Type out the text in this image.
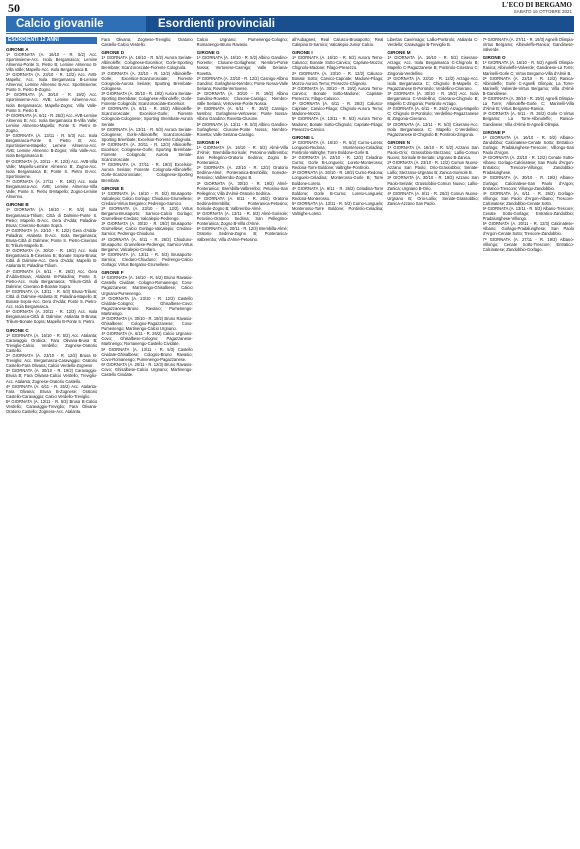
50	L'ECO DI BERGAMO
SABATO 16 OTTOBRE 2021
Calcio giovanile	Esordienti provinciali
ESORDIENTI 12 ANNI
GIRONE A
1ª GIORNATA (A. 16/10 - R. 5/2) Acc. Sportinsieme-Acc. Isola Bergamasca; Lemine Almenno-Ponte S. Pietro B; Lemine Almenno B-Villa Valle; Mapello-Acc. Isola Bergamasca B.
2ª GIORNATA (A. 23/10 - R. 12/2) Acc. AVB-Mapello; Acc. Isola Bergamasca B-Lemine Almenno; Lemine Almenno B-Acc. Sportinsieme; Ponte S. Pietro B-Zogno.
3ª GIORNATA (A. 30/10 - R. 19/2) Acc. Sportinsieme-Acc. AVB; Lemine Almenno-Acc. Isola Bergamasca; Mapello-Zogno; Villa Valle-Ponte S. Pietro B.
4ª GIORNATA (A. 6/11 - R. 26/2) Acc. AVB-Lemine Almenno B; Acc. Isola Bergamasca B-Villa Valle; Lemine Almenno-Mapello; Ponte S. Pietro B-Zogno.
5ª GIORNATA (A. 13/11 - R. 5/3) Acc. Isola Bergamasca-Ponte S. Pietro B; Acc. Sportinsieme-Mapello; Lemine Almenno-Acc. AVB; Lemine Almenno B-Zogno; Villa Valle-Acc. Isola Bergamasca B.
6ª GIORNATA (A. 20/11 - R. 12/3) Acc. AVB-Villa Valle; Mapello-Lemine Almenno B; Zogno-Acc. Isola Bergamasca B; Ponte S. Pietro B-Acc. Sportinsieme.
7ª GIORNATA (A. 27/11 - R. 19/3) Acc. Isola Bergamasca-Acc. AVB; Lemine Almenno-Villa Valle; Ponte S. Pietro B-Mapello; Zogno-Lemine Almenno.
GIRONE B
1ª GIORNATA (A. 16/10 - R. 5/2) Isola Bergamasca-Trilium; Città di Dalmine-Ponte S. Pietro; Mapello B-Acc. Gera d'Adda; Paladina-Brusa; Ciserano-Bonate Sopra.
2ª GIORNATA (A. 23/10 - R. 12/2) Gera d'Adda-Paladina; Atalanta B-Acc. Isola Bergamasca; Brusa-Città di Dalmine; Ponte S. Pietro-Ciserano B; Trilium-Mapello B.
3ª GIORNATA (A. 30/10 - R. 19/2) Acc. Isola Bergamasca B-Ciserano B; Bonate Sopra-Brusa; Città di Dalmine-Acc. Gera d'Adda; Mapello B-Atalanta B; Paladina-Trilium.
4ª GIORNATA (A. 6/11 - R. 26/2) Acc. Gera d'Adda-Brusa; Atalanta B-Paladina; Ponte S. Pietro-Acc. Isola Bergamasca; Trilium-Città di Dalmine; Ciserano B-Bonate Sopra.
5ª GIORNATA (A. 13/11 - R. 5/3) Brusa-Trilium; Città di Dalmine-Atalanta B; Paladina-Mapello B; Bonate Sopra-Acc. Gera d'Adda; Ponte S. Pietro-Acc. Isola Bergamasca.
6ª GIORNATA (A. 20/11 - R. 12/3) Acc. Isola Bergamasca-Città di Dalmine; Atalanta B-Brusa; Trilium-Bonate Sopra; Mapello B-Ponte S. Pietro.
GIRONE C
1ª GIORNATA (A. 16/10 - R. 5/2) Acc. Atalanta; Caravaggio Orobica; Fara Olivana-Brusa B; Treviglio-Calcio Verdello; Zognese-Oratorio Castello.
2ª GIORNATA (A. 23/10 - R. 12/2) Brusa B-Treviglio; Acc. Bergamasca-Caravaggio; Oratorio Castello-Fara Olivana; Calcio Verdello-Zognese.
3ª GIORNATA (A. 30/10 - R. 19/2) Caravaggio-Brusa B; Fara Olivana-Calcio Verdello; Treviglio-Acc. Atalanta; Zognese-Oratorio Castello.
4ª GIORNATA (A. 6/11 - R. 26/2) Acc. Atalanta-Fara Olivana; Brusa B-Zognese; Oratorio Castello-Caravaggio; Calcio Verdello-Treviglio.
5ª GIORNATA (A. 13/11 - R. 5/3) Brusa B-Calcio Verdello; Caravaggio-Treviglio; Fara Olivana-Oratorio Castello; Zognese-Acc. Atalanta.
Fara Olivana; Zognese-Treviglio; Oratorio Castello-Calcio Verdello.
GIRONE D
1ª GIORNATA (A. 16/10 - R. 5/2) Aurora Seriate-Albinoleffe; Colognese-Excelsior; Gorle-Sporting Brembate; Scanzorosciate-Fiorente Colognola.
2ª GIORNATA (A. 23/10 - R. 12/2) Albinoleffe-Gorle; Excelsior-Scanzorosciate; Fiorente Colognola-Aurora Seriate; Sporting Brembate-Colognese.
3ª GIORNATA (A. 30/10 - R. 19/2) Aurora Seriate-Sporting Brembate; Colognese-Albinoleffe; Gorle-Fiorente Colognola; Scanzorosciate-Excelsior.
4ª GIORNATA (A. 6/11 - R. 26/2) Albinoleffe-Scanzorosciate; Excelsior-Gorle; Fiorente Colognola-Colognese; Sporting Brembate-Aurora Seriate.
5ª GIORNATA (A. 13/11 - R. 5/3) Aurora Seriate-Colognese; Gorle-Albinoleffe; Scanzorosciate-Sporting Brembate; Excelsior-Fiorente Colognola.
6ª GIORNATA (A. 20/11 - R. 12/3) Albinoleffe-Excelsior; Colognese-Gorle; Sporting Brembate-Fiorente Colognola; Aurora Seriate-Scanzorosciate.
7ª GIORNATA (A. 27/11 - R. 19/3) Excelsior-Aurora Seriate; Fiorente Colognola-Albinoleffe; Gorle-Scanzorosciate; Colognese-Sporting Brembate.
GIRONE E
1ª GIORNATA (A. 16/10 - R. 5/2) Brusaporto-Valcalepio; Calcio Gorlago; Chiuduno-Grumellese; Credaro-Virtus Bergamo; Pedrengo-Sarnico.
2ª GIORNATA (A. 23/10 - R. 12/2) Virtus Bergamo-Brusaporto; Sarnico-Calcio Gorlago; Grumellese-Credaro; Valcalepio-Pedrengo.
3ª GIORNATA (A. 30/10 - R. 19/2) Brusaporto-Grumellese; Calcio Gorlago-Valcalepio; Credaro-Sarnico; Pedrengo-Chiuduno.
4ª GIORNATA (A. 6/11 - R. 26/2) Chiuduno-Brusaporto; Grumellese-Pedrengo; Sarnico-Virtus Bergamo; Valcalepio-Credaro.
5ª GIORNATA (A. 13/11 - R. 5/3) Brusaporto-Sarnico; Credaro-Chiuduno; Pedrengo-Calcio Gorlago; Virtus Bergamo-Grumellese.
GIRONE F
1ª GIORNATA (A. 16/10 - R. 5/2) Bruno Ravasio-Castello Cividate; Cologno-Romanengo; Covo-Pagazzanese; Martinengo-Ghisalbese; Calcio Urgnano-Pumenengo.
2ª GIORNATA (A. 23/10 - R. 12/2) Castello Cividate-Cologno; Ghisalbese-Covo; Pagazzanese-Bruno Ravasio; Pumenengo-Martinengo.
3ª GIORNATA (A. 30/10 - R. 19/2) Bruno Ravasio-Ghisalbese; Cologno-Pagazzanese; Covo-Pumenengo; Martinengo-Calcio Urgnano.
4ª GIORNATA (A. 6/11 - R. 26/2) Calcio Urgnano-Covo; Ghisalbese-Cologno; Pagazzanese-Martinengo; Romanengo-Castello Cividate.
5ª GIORNATA (A. 13/11 - R. 5/3) Castello Cividate-Ghisalbese; Cologno-Bruno Ravasio; Covo-Romanengo; Pumenengo-Pagazzanese.
6ª GIORNATA (A. 20/11 - R. 12/3) Bruno Ravasio-Covo; Ghisalbese-Calcio Urgnano; Martinengo-Castello Cividate.
Calcio Urgnano; Pumenengo-Cologno; Romanengo-Bruno Ravasio.
GIRONE G
1ª GIORNATA (A. 16/10 - R. 5/2) Albino Gandino-Fiorente; Clusone-Gorlaghese; Nembro-Ponte Nossa; Vertovese-Casnigo; Valle Seriana-Rovetta.
2ª GIORNATA (A. 23/10 - R. 12/2) Casnigo-Albino Gandino; Gorlaghese-Nembro; Ponte Nossa-Valle Seriana; Rovetta-Vertovese.
3ª GIORNATA (A. 30/10 - R. 19/2) Albino Gandino-Rovetta; Clusone-Casnigo; Nembro-Valle Seriana; Vertovese-Ponte Nossa.
4ª GIORNATA (A. 6/11 - R. 26/2) Casnigo-Nembro; Gorlaghese-Vertovese; Ponte Nossa-Albino Gandino; Rovetta-Clusone.
5ª GIORNATA (A. 13/11 - R. 5/3) Albino Gandino-Gorlaghese; Clusone-Ponte Nossa; Nembro-Rovetta; Valle Seriana-Casnigo.
GIRONE H
1ª GIORNATA (A. 16/10 - R. 5/2) Almè-Villa d'Almè; Brembilla-Sorisole; Petosino-Valbrembo; San Pellegrino-Oratorio Sedrina; Zogno B-Ponteranica.
2ª GIORNATA (A. 23/10 - R. 12/2) Oratorio Sedrina-Almè; Ponteranica-Brembilla; Sorisole-Petosino; Valbrembo-Zogno B.
3ª GIORNATA (A. 30/10 - R. 19/2) Almè-Ponteranica; Brembilla-Valbrembo; Petosino-San Pellegrino; Villa d'Almè-Oratorio Sedrina.
4ª GIORNATA (A. 6/11 - R. 26/2) Oratorio Sedrina-Brembilla; Ponteranica-Petosino; Sorisole-Zogno B; Valbrembo-Almè.
5ª GIORNATA (A. 13/11 - R. 5/3) Almè-Sorisole; Petosino-Oratorio Sedrina; San Pellegrino-Ponteranica; Zogno B-Villa d'Almè.
6ª GIORNATA (A. 20/11 - R. 12/3) Brembilla-Almè; Oratorio Sedrina-Zogno B; Ponteranica-Valbrembo; Villa d'Almè-Petosino.
all'Aubagnes; Real Calusco-Brusaporto; Real Calepina B-Sarnico; Valcalepio-Junior Calcio.
GIRONE I
1ª GIORNATA (A. 16/10 - R. 5/2) Aurora Terno-Calusco; Bonate Sotto-Carvico; Capriate-Mozzo; Chignolo-Madone; Filago-Presezzo.
2ª GIORNATA (A. 23/10 - R. 12/2) Calusco-Bonate Sotto; Carvico-Capriate; Madone-Filago; Mozzo-Aurora Terno; Presezzo-Chignolo.
3ª GIORNATA (A. 30/10 - R. 19/2) Aurora Terno-Carvico; Bonate Sotto-Madone; Capriate-Presezzo; Filago-Calusco.
4ª GIORNATA (A. 6/11 - R. 26/2) Calusco-Capriate; Carvico-Filago; Chignolo-Aurora Terno; Madone-Mozzo.
5ª GIORNATA (A. 13/11 - R. 5/3) Aurora Terno-Madone; Bonate Sotto-Chignolo; Capriate-Filago; Presezzo-Carvico.
GIRONE L
1ª GIORNATA (A. 16/10 - R. 5/2) Curno-Loreto; Longuelo-Redona; Monterosso-Celadina; Pontirolo-Valtrighe; Torre Boldone-Gorle B.
2ª GIORNATA (A. 23/10 - R. 12/2) Celadina-Curno; Gorle B-Longuelo; Loreto-Monterosso; Redona-Torre Boldone; Valtrighe-Pontirolo.
3ª GIORNATA (A. 30/10 - R. 19/2) Curno-Redona; Longuelo-Celadina; Monterosso-Gorle B; Torre Boldone-Loreto.
4ª GIORNATA (A. 6/11 - R. 26/2) Celadina-Torre Boldone; Gorle B-Curno; Loreto-Longuelo; Redona-Monterosso.
5ª GIORNATA (A. 13/11 - R. 5/3) Curno-Longuelo; Monterosso-Torre Boldone; Pontirolo-Celadina; Valtrighe-Loreto.
Libertas Cavernago; Lallio-Pontirolo; Atalanta C-Verdello; Caravaggio B-Treviglio B.
GIRONE M
1ª GIORNATA (A. 16/10 - R. 5/2) Ciserano-Arzago; Acc. Isola Bergamasca C-Chignolo B; Mapello C-Pagazzanese B; Pontirolo-Ciserano C; Zingonia-Verdellino.
2ª GIORNATA (A. 23/10 - R. 12/2) Arzago-Acc. Isola Bergamasca C; Chignolo B-Mapello C; Pagazzanese B-Pontirolo; Verdellino-Ciserano.
3ª GIORNATA (A. 30/10 - R. 19/2) Acc. Isola Bergamasca C-Verdellino; Ciserano-Chignolo B; Mapello C-Zingonia; Pontirolo-Arzago.
4ª GIORNATA (A. 6/11 - R. 26/2) Arzago-Mapello C; Chignolo B-Pontirolo; Verdellino-Pagazzanese B; Zingonia-Ciserano.
5ª GIORNATA (A. 13/11 - R. 5/3) Ciserano-Acc. Isola Bergamasca C; Mapello C-Verdellino; Pagazzanese B-Chignolo B; Pontirolo-Zingonia.
GIRONE N
1ª GIORNATA (A. 16/10 - R. 5/2) Azzano San Paolo-Orio; Grassobbio-Stezzano; Lallio-Comun Nuovo; Sorisole B-Seriate; Urgnano B-Zanica.
2ª GIORNATA (A. 23/10 - R. 12/2) Comun Nuovo-Azzano San Paolo; Orio-Grassobbio; Seriate-Lallio; Stezzano-Urgnano B; Zanica-Sorisole B.
3ª GIORNATA (A. 30/10 - R. 19/2) Azzano San Paolo-Seriate; Grassobbio-Comun Nuovo; Lallio-Zanica; Urgnano B-Orio.
4ª GIORNATA (A. 6/11 - R. 26/2) Comun Nuovo-Urgnano B; Orio-Lallio; Seriate-Grassobbio; Zanica-Azzano San Paolo.
7ª GIORNATA (A. 27/11 - R. 19/3) Agnelli Olimpia-Virtus Bergamo; Albinoleffe-Ranica; Gandinese-Valverde.
GIRONE O
1ª GIORNATA (A. 16/10 - R. 5/2) Agnelli Olimpia-Ranica; Albinoleffe-Valverde; Gandinese-La Torre; Marinelli-Gorle C; Virtus Bergamo-Villa d'Almè B.
2ª GIORNATA (A. 23/10 - R. 12/2) Ranica-Albinoleffe; Gorle C-Agnelli Olimpia; La Torre-Marinelli; Valverde-Virtus Bergamo; Villa d'Almè B-Gandinese.
3ª GIORNATA (A. 30/10 - R. 19/2) Agnelli Olimpia-La Torre; Albinoleffe-Gorle C; Marinelli-Villa d'Almè B; Virtus Bergamo-Ranica.
4ª GIORNATA (A. 6/11 - R. 26/2) Gorle C-Virtus Bergamo; La Torre-Albinoleffe; Ranica-Gandinese; Villa d'Almè B-Agnelli Olimpia.
GIRONE P
1ª GIORNATA (A. 16/10 - R. 5/2) Albano-Zandobbio; Calcinatese-Cenate Sotto; Entratico-Gorlago; Pradalunghese-Trescore; Villongo-San Paolo d'Argon.
2ª GIORNATA (A. 23/10 - R. 12/2) Cenate Sotto-Albano; Gorlago-Calcinatese; San Paolo d'Argon-Entratico; Trescore-Villongo; Zandobbio-Pradalunghese.
3ª GIORNATA (A. 30/10 - R. 19/2) Albano-Gorlago; Calcinatese-San Paolo d'Argon; Entratico-Trescore; Villongo-Zandobbio.
4ª GIORNATA (A. 6/11 - R. 26/2) Gorlago-Villongo; San Paolo d'Argon-Albano; Trescore-Calcinatese; Zandobbio-Cenate Sotto.
5ª GIORNATA (A. 13/11 - R. 5/3) Albano-Trescore; Cenate Sotto-Gorlago; Entratico-Zandobbio; Pradalunghese-Villongo.
6ª GIORNATA (A. 20/11 - R. 12/3) Calcinatese-Albano; Gorlago-Pradalunghese; San Paolo d'Argon-Cenate Sotto; Trescore-Zandobbio.
7ª GIORNATA (A. 27/11 - R. 19/3) Albano-Villongo; Cenate Sotto-Trescore; Entratico-Calcinatese; Zandobbio-Gorlago.
